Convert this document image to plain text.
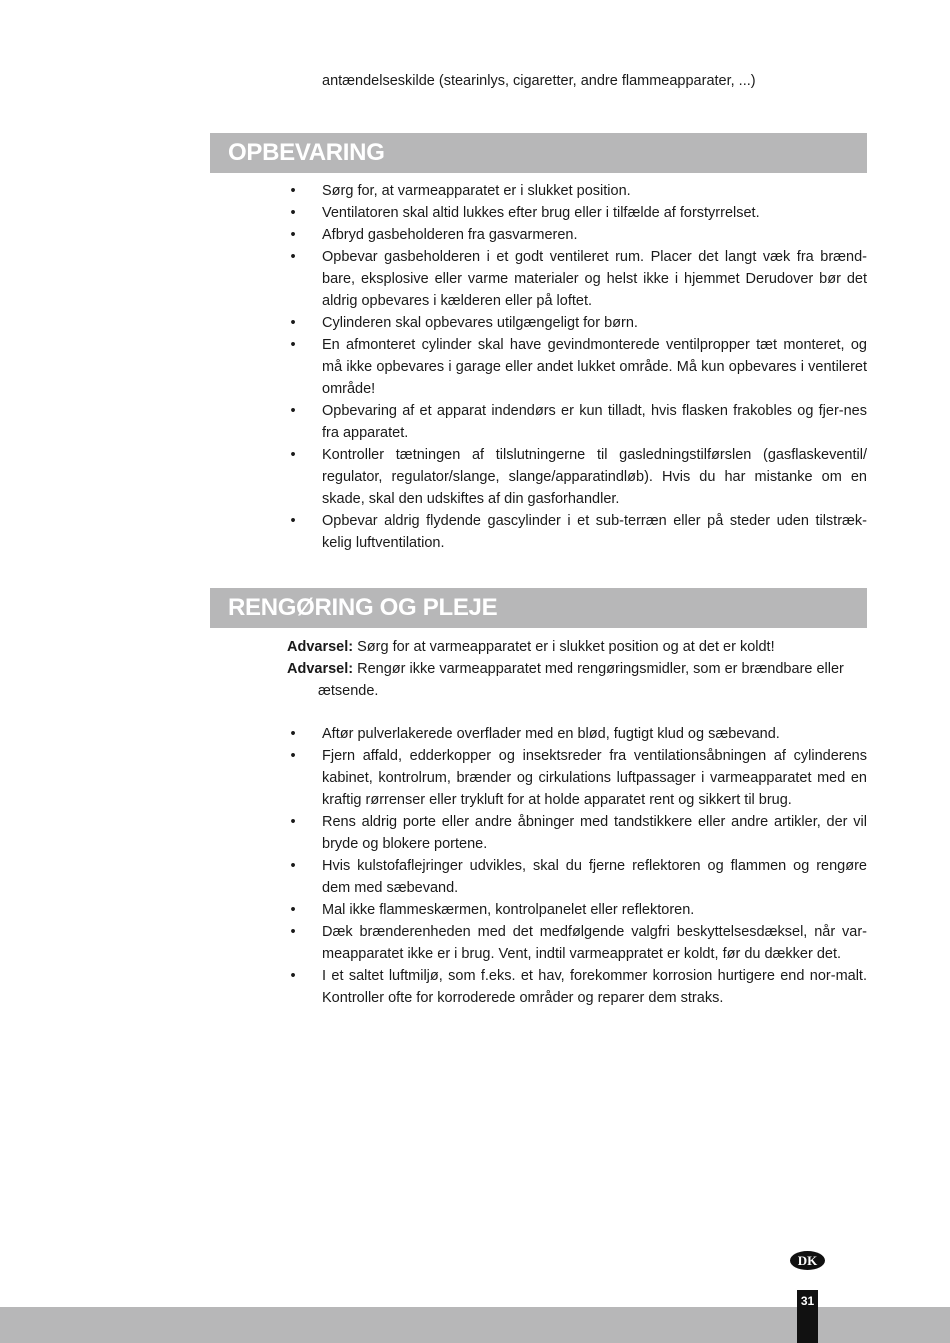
antændelseskilde (stearinlys, cigaretter, andre flammeapparater, ...)
OPBEVARING
• Sørg for, at varmeapparatet er i slukket position.
• Ventilatoren skal altid lukkes efter brug eller i tilfælde af forstyrrelset.
• Afbryd gasbeholderen fra gasvarmeren.
• Opbevar gasbeholderen i et godt ventileret rum. Placer det langt væk fra brænd-bare, eksplosive eller varme materialer og helst ikke i hjemmet Derudover bør det aldrig opbevares i kælderen eller på loftet.
• Cylinderen skal opbevares utilgængeligt for børn.
• En afmonteret cylinder skal have gevindmonterede ventilpropper tæt monteret, og må ikke opbevares i garage eller andet lukket område. Må kun opbevares i ventileret område!
• Opbevaring af et apparat indendørs er kun tilladt, hvis flasken frakobles og fjer-nes fra apparatet.
• Kontroller tætningen af tilslutningerne til gasledningstilførslen (gasflaskeventil/ regulator, regulator/slange, slange/apparatindløb). Hvis du har mistanke om en skade, skal den udskiftes af din gasforhandler.
• Opbevar aldrig flydende gascylinder i et sub-terræn eller på steder uden tilstræk-kelig luftventilation.
RENGØRING OG PLEJE
Advarsel: Sørg for at varmeapparatet er i slukket position og at det er koldt!
Advarsel: Rengør ikke varmeapparatet med rengøringsmidler, som er brændbare eller ætsende.
• Aftør pulverlakerede overflader med en blød, fugtigt klud og sæbevand.
• Fjern affald, edderkopper og insektsreder fra ventilationsåbningen af cylinderens kabinet, kontrolrum, brænder og cirkulations luftpassager i varmeapparatet med en kraftig rørrenser eller trykluft for at holde apparatet rent og sikkert til brug.
• Rens aldrig porte eller andre åbninger med tandstikkere eller andre artikler, der vil bryde og blokere portene.
• Hvis kulstofaflejringer udvikles, skal du fjerne reflektoren og flammen og rengøre dem med sæbevand.
• Mal ikke flammeskærmen, kontrolpanelet eller reflektoren.
• Dæk brænderenheden med det medfølgende valgfri beskyttelsesdæksel, når var-meapparatet ikke er i brug. Vent, indtil varmeappratet er koldt, før du dækker det.
• I et saltet luftmiljø, som f.eks. et hav, forekommer korrosion hurtigere end nor-malt. Kontroller ofte for korroderede områder og reparer dem straks.
DK
31
